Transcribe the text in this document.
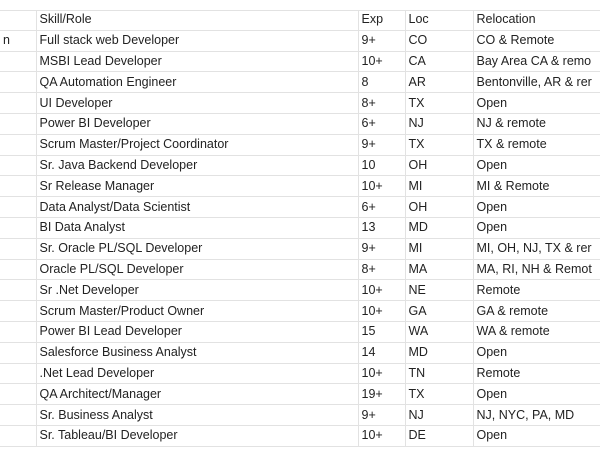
	Skill/Role	Exp	Loc	Relocation
n	Full stack web Developer	9+	CO	CO & Remote
	MSBI Lead Developer	10+	CA	Bay Area CA & remo
	QA Automation Engineer	8	AR	Bentonville, AR & rer
	UI Developer	8+	TX	Open
	Power BI Developer	6+	NJ	NJ & remote
	Scrum Master/Project Coordinator	9+	TX	TX & remote
	Sr. Java Backend Developer	10	OH	Open
	Sr Release Manager	10+	MI	MI & Remote
	Data Analyst/Data Scientist	6+	OH	Open
	BI Data Analyst	13	MD	Open
	Sr. Oracle PL/SQL Developer	9+	MI	MI, OH, NJ, TX & rer
	Oracle PL/SQL Developer	8+	MA	MA, RI, NH & Remot
	Sr .Net Developer	10+	NE	Remote
	Scrum Master/Product Owner	10+	GA	GA & remote
	Power BI Lead Developer	15	WA	WA & remote
	Salesforce Business Analyst	14	MD	Open
	.Net Lead Developer	10+	TN	Remote
	QA Architect/Manager	19+	TX	Open
	Sr. Business Analyst	9+	NJ	NJ, NYC, PA, MD
	Sr. Tableau/BI Developer	10+	DE	Open
